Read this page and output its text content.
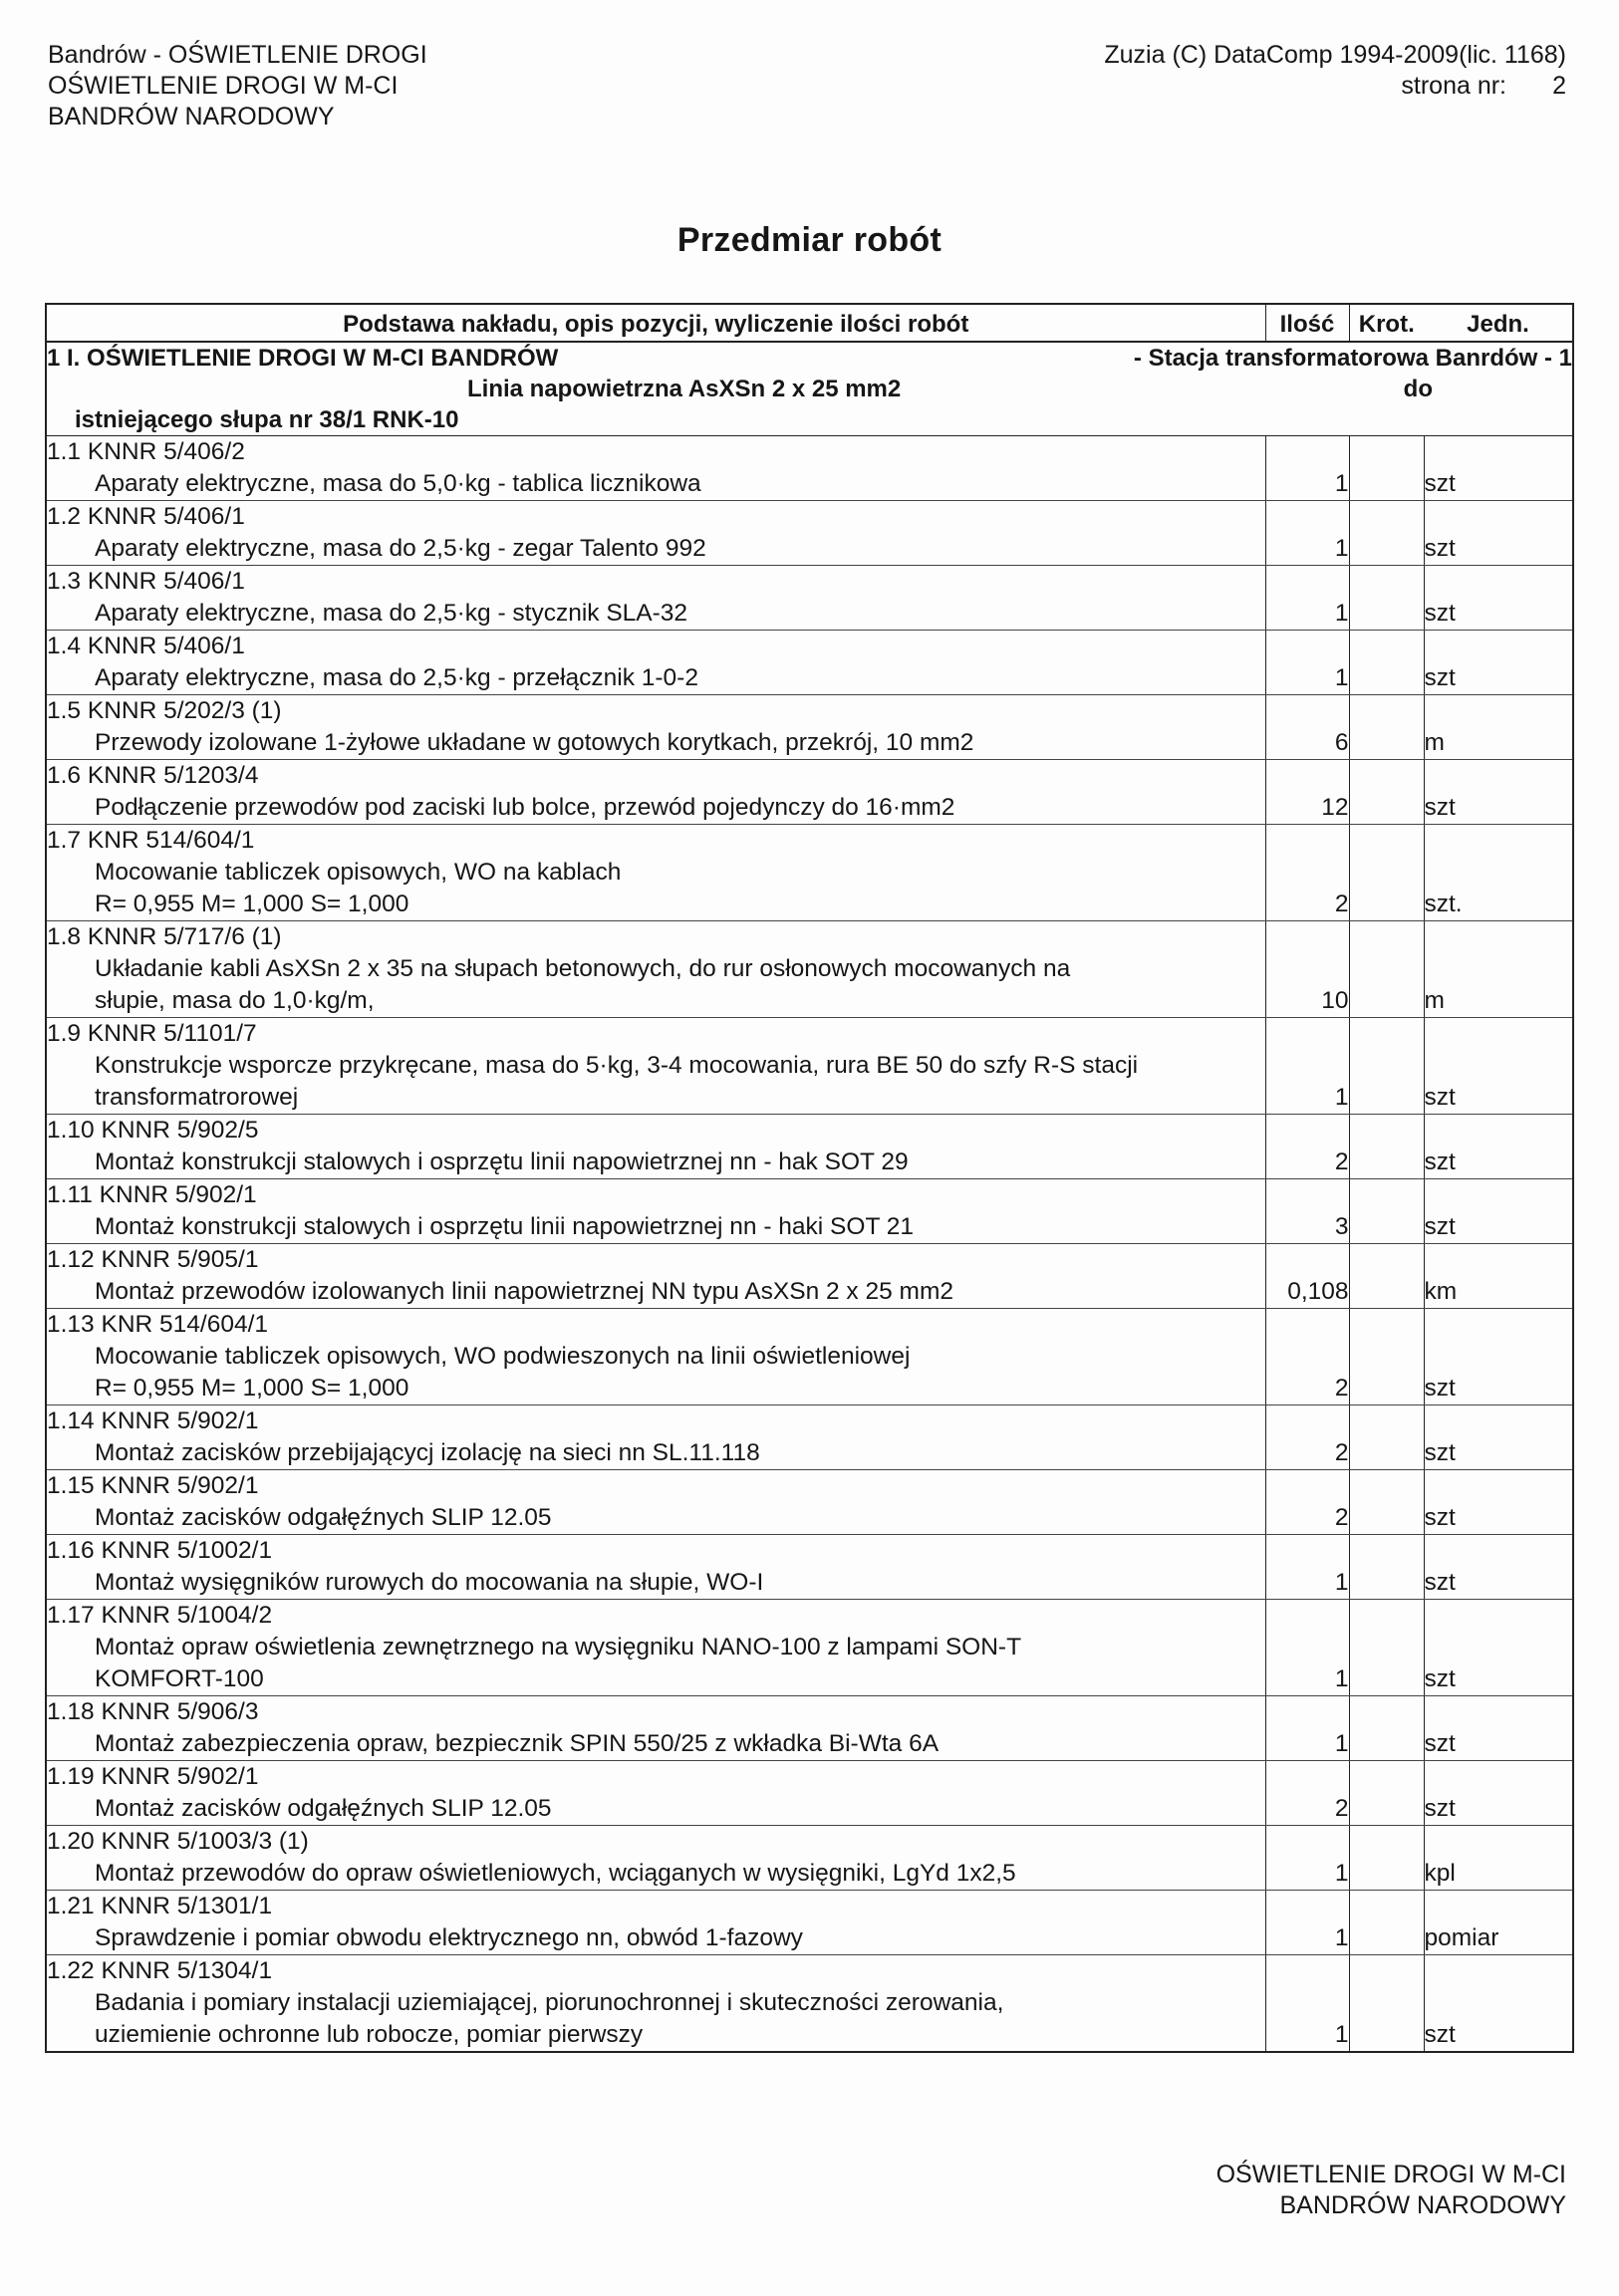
Bandrów - OŚWIETLENIE DROGI
OŚWIETLENIE DROGI W M-CI
BANDRÓW NARODOWY
Zuzia (C) DataComp 1994-2009(lic. 1168)
strona nr: 2
Przedmiar robót
Podstawa nakładu, opis pozycji, wyliczenie ilości robót	Ilość	Krot.	Jedn.

1 I. OŚWIETLENIE DROGI W M-CI BANDRÓW - Stacja transformatorowa Banrdów - 1
Linia napowietrzna AsXSn 2 x 25 mm2 do
istniejącego słupa nr 38/1 RNK-10			

1.1 KNNR 5/406/2
Aparaty elektryczne, masa do 5,0·kg - tablica licznikowa	1		szt

1.2 KNNR 5/406/1
Aparaty elektryczne, masa do 2,5·kg - zegar Talento 992	1		szt

1.3 KNNR 5/406/1
Aparaty elektryczne, masa do 2,5·kg - stycznik SLA-32	1		szt

1.4 KNNR 5/406/1
Aparaty elektryczne, masa do 2,5·kg - przełącznik 1-0-2	1		szt

1.5 KNNR 5/202/3 (1)
Przewody izolowane 1-żyłowe układane w gotowych korytkach, przekrój, 10 mm2	6		m

1.6 KNNR 5/1203/4
Podłączenie przewodów pod zaciski lub bolce, przewód pojedynczy do 16·mm2	12		szt

1.7 KNR 514/604/1
Mocowanie tabliczek opisowych, WO na kablach
R= 0,955 M= 1,000 S= 1,000	2		szt.

1.8 KNNR 5/717/6 (1)
Układanie kabli AsXSn 2 x 35 na słupach betonowych, do rur osłonowych mocowanych na
słupie, masa do 1,0·kg/m,	10		m

1.9 KNNR 5/1101/7
Konstrukcje wsporcze przykręcane, masa do 5·kg, 3-4 mocowania, rura BE 50 do szfy R-S stacji
transformatrorowej	1		szt

1.10 KNNR 5/902/5
Montaż konstrukcji stalowych i osprzętu linii napowietrznej nn - hak SOT 29	2		szt

1.11 KNNR 5/902/1
Montaż konstrukcji stalowych i osprzętu linii napowietrznej nn - haki SOT 21	3		szt

1.12 KNNR 5/905/1
Montaż przewodów izolowanych linii napowietrznej NN typu AsXSn 2 x 25 mm2	0,108		km

1.13 KNR 514/604/1
Mocowanie tabliczek opisowych, WO podwieszonych na linii oświetleniowej
R= 0,955 M= 1,000 S= 1,000	2		szt

1.14 KNNR 5/902/1
Montaż zacisków przebijającycj izolację na sieci nn SL.11.118	2		szt

1.15 KNNR 5/902/1
Montaż zacisków odgałęźnych SLIP 12.05	2		szt

1.16 KNNR 5/1002/1
Montaż wysięgników rurowych do mocowania na słupie, WO-I	1		szt

1.17 KNNR 5/1004/2
Montaż opraw oświetlenia zewnętrznego na wysięgniku NANO-100 z lampami SON-T
KOMFORT-100	1		szt

1.18 KNNR 5/906/3
Montaż zabezpieczenia opraw, bezpiecznik SPIN 550/25 z wkładka Bi-Wta 6A	1		szt

1.19 KNNR 5/902/1
Montaż zacisków odgałęźnych SLIP 12.05	2		szt

1.20 KNNR 5/1003/3 (1)
Montaż przewodów do opraw oświetleniowych, wciąganych w wysięgniki, LgYd 1x2,5	1		kpl

1.21 KNNR 5/1301/1
Sprawdzenie i pomiar obwodu elektrycznego nn, obwód 1-fazowy	1		pomiar

1.22 KNNR 5/1304/1
Badania i pomiary instalacji uziemiającej, piorunochronnej i skuteczności zerowania,
uziemienie ochronne lub robocze, pomiar pierwszy	1		szt
OŚWIETLENIE DROGI W M-CI
BANDRÓW NARODOWY
